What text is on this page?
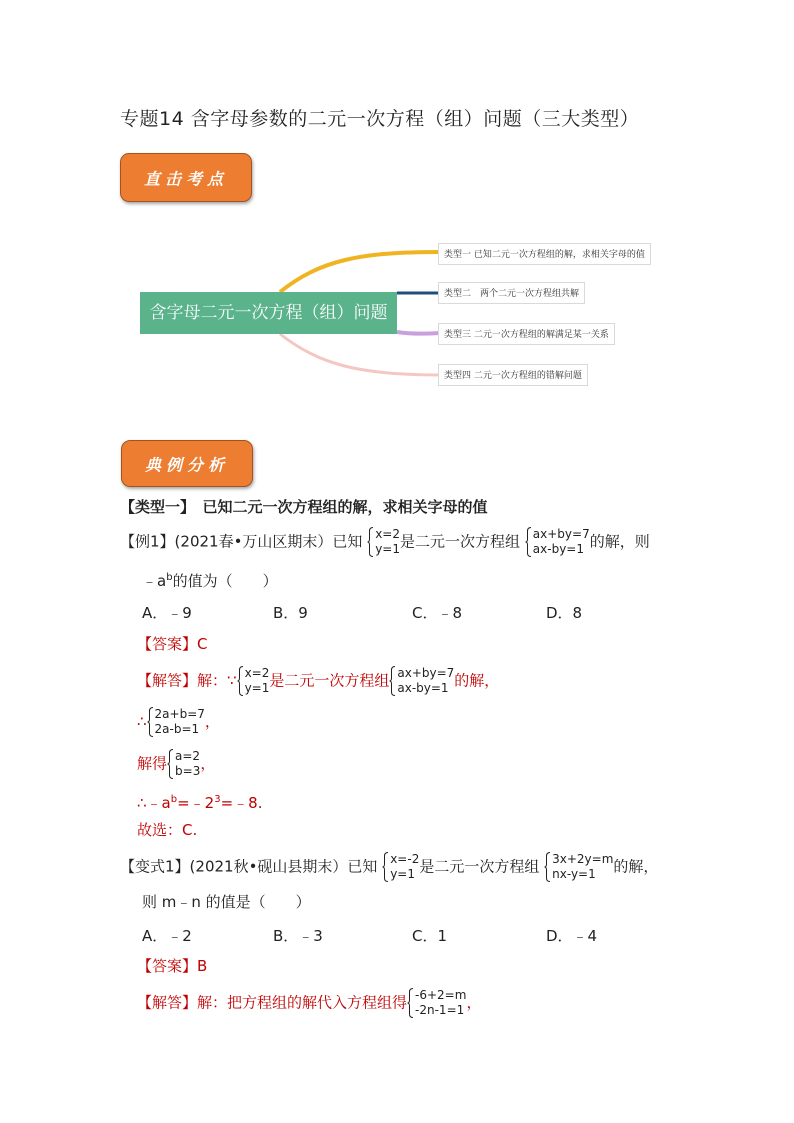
专题14 含字母参数的二元一次方程（组）问题（三大类型）
直击考点
含字母二元一次方程（组）问题
类型一 已知二元一次方程组的解，求相关字母的值
类型二　两个二元一次方程组共解
类型三 二元一次方程组的解满足某一关系
类型四 二元一次方程组的错解问题
典例分析
【类型一】　已知二元一次方程组的解，求相关字母的值
【例1】(2021春•万山区期末）已知 x=2
y=1 是二元一次方程组 ax+by=7
ax-by=1 的解，则
$﹣a^b$的值为（　　）
A．﹣9	B．9	C．﹣8	D．8
【答案】C
【解答】解：∵ x=2
y=1 是二元一次方程组 ax+by=7
ax-by=1 的解，
∴ 2a+b=7
2a-b=1 ，
解得 a=2
b=3 ，
$\therefore﹣a^b=﹣2^3=﹣8$.
故选：C.
【变式1】(2021秋•砚山县期末）已知 x=-2
y=1 是二元一次方程组 3x+2y=m
nx-y=1	的解，
则 m﹣n 的值是（　　）
A．﹣2	B．﹣3	C．1	D．﹣4
【答案】B
【解答】解：把方程组的解代入方程组得 -6+2=m
-2n-1=1 ，
